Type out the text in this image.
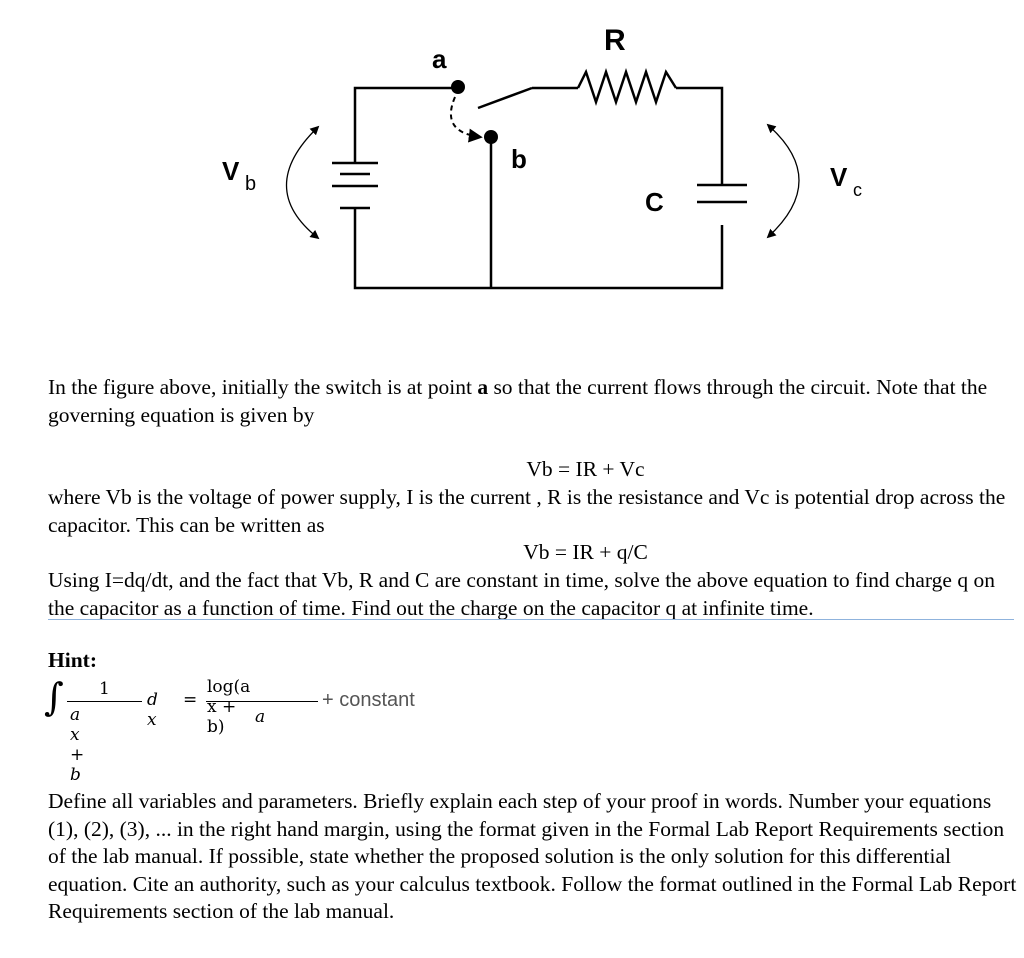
R
a
b
C
V b	V c

In the figure above, initially the switch is at point a so that the current flows through the circuit. Note that the governing equation is given by

Vb = IR + Vc

where Vb is the voltage of power supply, I is the current , R is the resistance and Vc is potential drop across the capacitor. This can be written as

Vb = IR + q/C

Using I=dq/dt, and the fact that Vb, R and C are constant in time, solve the above equation to find charge q on the capacitor as a function of time. Find out the charge on the capacitor q at infinite time.

Hint:
∫ 1
a x + b
d x
=
log(a x + b)	a
+ constant

Define all variables and parameters. Briefly explain each step of your proof in words. Number your equations (1), (2), (3), ... in the right hand margin, using the format given in the Formal Lab Report Requirements section of the lab manual. If possible, state whether the proposed solution is the only solution for this differential equation. Cite an authority, such as your calculus textbook. Follow the format outlined in the Formal Lab Report Requirements section of the lab manual.
